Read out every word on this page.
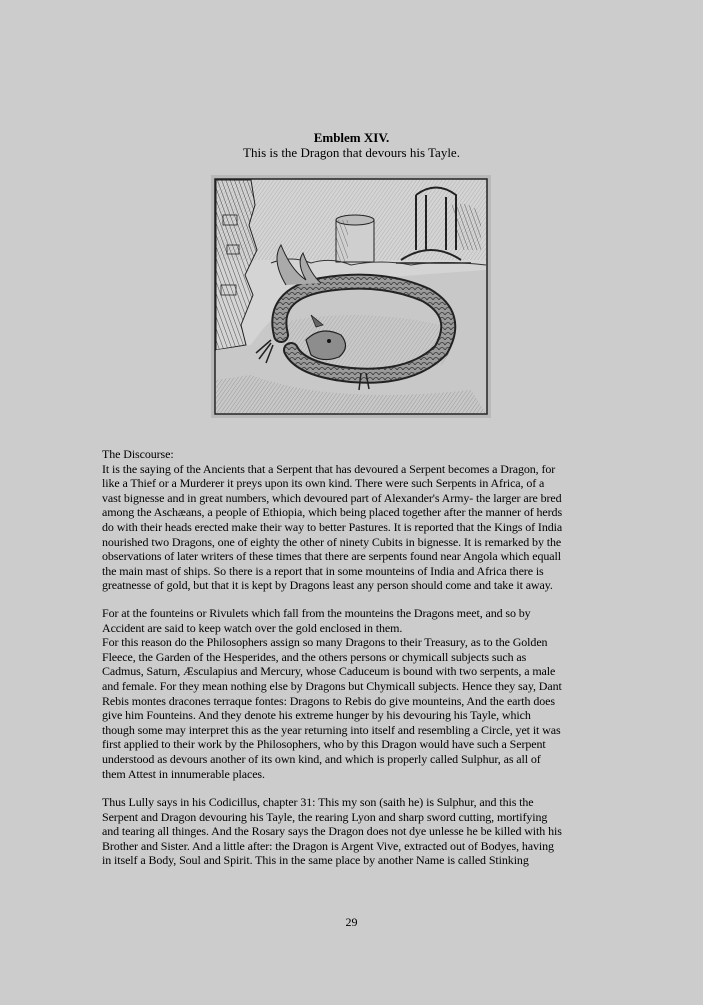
Emblem XIV.
This is the Dragon that devours his Tayle.
The Discourse:
It is the saying of the Ancients that a Serpent that has devoured a Serpent becomes a Dragon, for
like a Thief or a Murderer it preys upon its own kind. There were such Serpents in Africa, of a
vast bignesse and in great numbers, which devoured part of Alexander's Army- the larger are bred
among the Aschæans, a people of Ethiopia, which being placed together after the manner of herds
do with their heads erected make their way to better Pastures. It is reported that the Kings of India
nourished two Dragons, one of eighty the other of ninety Cubits in bignesse. It is remarked by the
observations of later writers of these times that there are serpents found near Angola which equall
the main mast of ships. So there is a report that in some mounteins of India and Africa there is
greatnesse of gold, but that it is kept by Dragons least any person should come and take it away.
For at the founteins or Rivulets which fall from the mounteins the Dragons meet, and so by
Accident are said to keep watch over the gold enclosed in them.
For this reason do the Philosophers assign so many Dragons to their Treasury, as to the Golden
Fleece, the Garden of the Hesperides, and the others persons or chymicall subjects such as
Cadmus, Saturn, Æsculapius and Mercury, whose Caduceum is bound with two serpents, a male
and female. For they mean nothing else by Dragons but Chymicall subjects. Hence they say, Dant
Rebis montes dracones terraque fontes: Dragons to Rebis do give mounteins, And the earth does
give him Founteins. And they denote his extreme hunger by his devouring his Tayle, which
though some may interpret this as the year returning into itself and resembling a Circle, yet it was
first applied to their work by the Philosophers, who by this Dragon would have such a Serpent
understood as devours another of its own kind, and which is properly called Sulphur, as all of
them Attest in innumerable places.
Thus Lully says in his Codicillus, chapter 31: This my son (saith he) is Sulphur, and this the
Serpent and Dragon devouring his Tayle, the rearing Lyon and sharp sword cutting, mortifying
and tearing all thinges. And the Rosary says the Dragon does not dye unlesse he be killed with his
Brother and Sister. And a little after: the Dragon is Argent Vive, extracted out of Bodyes, having
in itself a Body, Soul and Spirit. This in the same place by another Name is called Stinking
29
